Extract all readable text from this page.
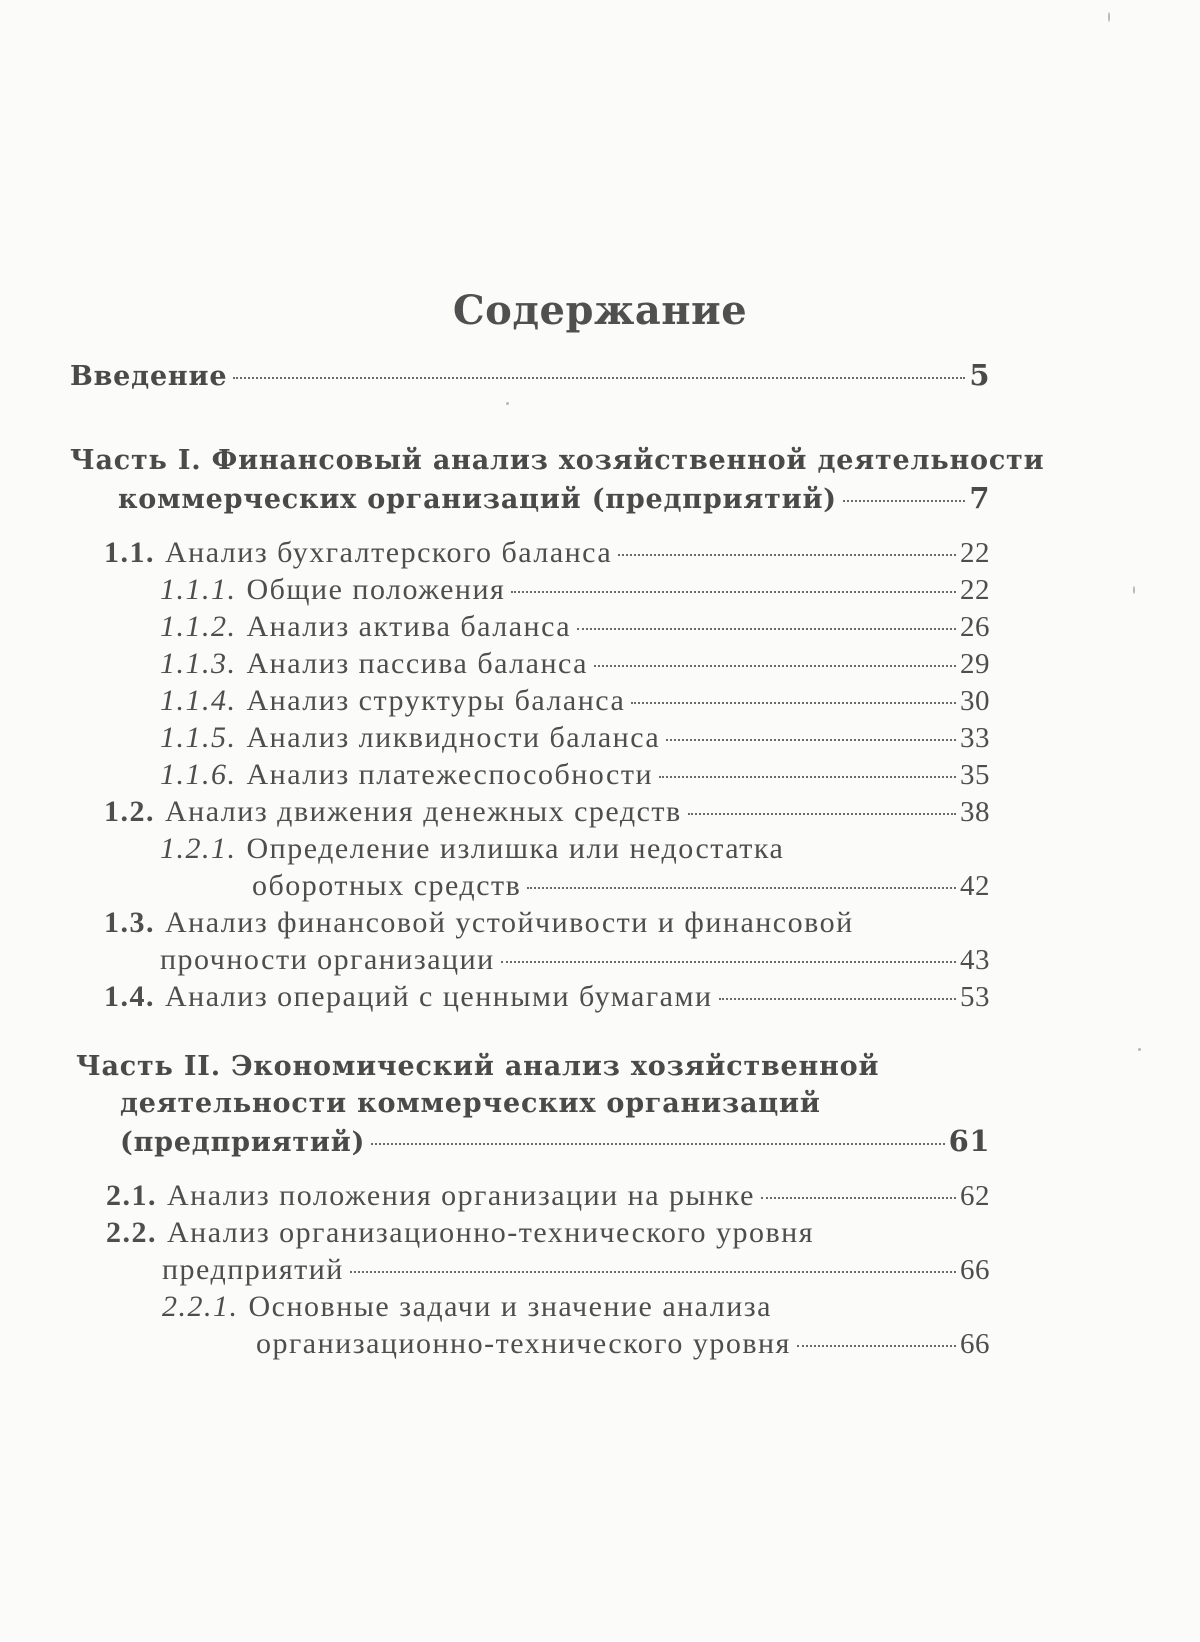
Содержание
Введение	5
Часть I. Финансовый анализ хозяйственной деятельности
коммерческих организаций (предприятий)	7
1.1. Анализ бухгалтерского баланса	22
1.1.1. Общие положения	22
1.1.2. Анализ актива баланса	26
1.1.3. Анализ пассива баланса	29
1.1.4. Анализ структуры баланса	30
1.1.5. Анализ ликвидности баланса	33
1.1.6. Анализ платежеспособности	35
1.2. Анализ движения денежных средств	38
1.2.1. Определение излишка или недостатка
оборотных средств	42
1.3. Анализ финансовой устойчивости и финансовой
прочности организации	43
1.4. Анализ операций с ценными бумагами	53
Часть II. Экономический анализ хозяйственной
деятельности коммерческих организаций
(предприятий)	61
2.1. Анализ положения организации на рынке	62
2.2. Анализ организационно-технического уровня
предприятий	66
2.2.1. Основные задачи и значение анализа
организационно-технического уровня	66
